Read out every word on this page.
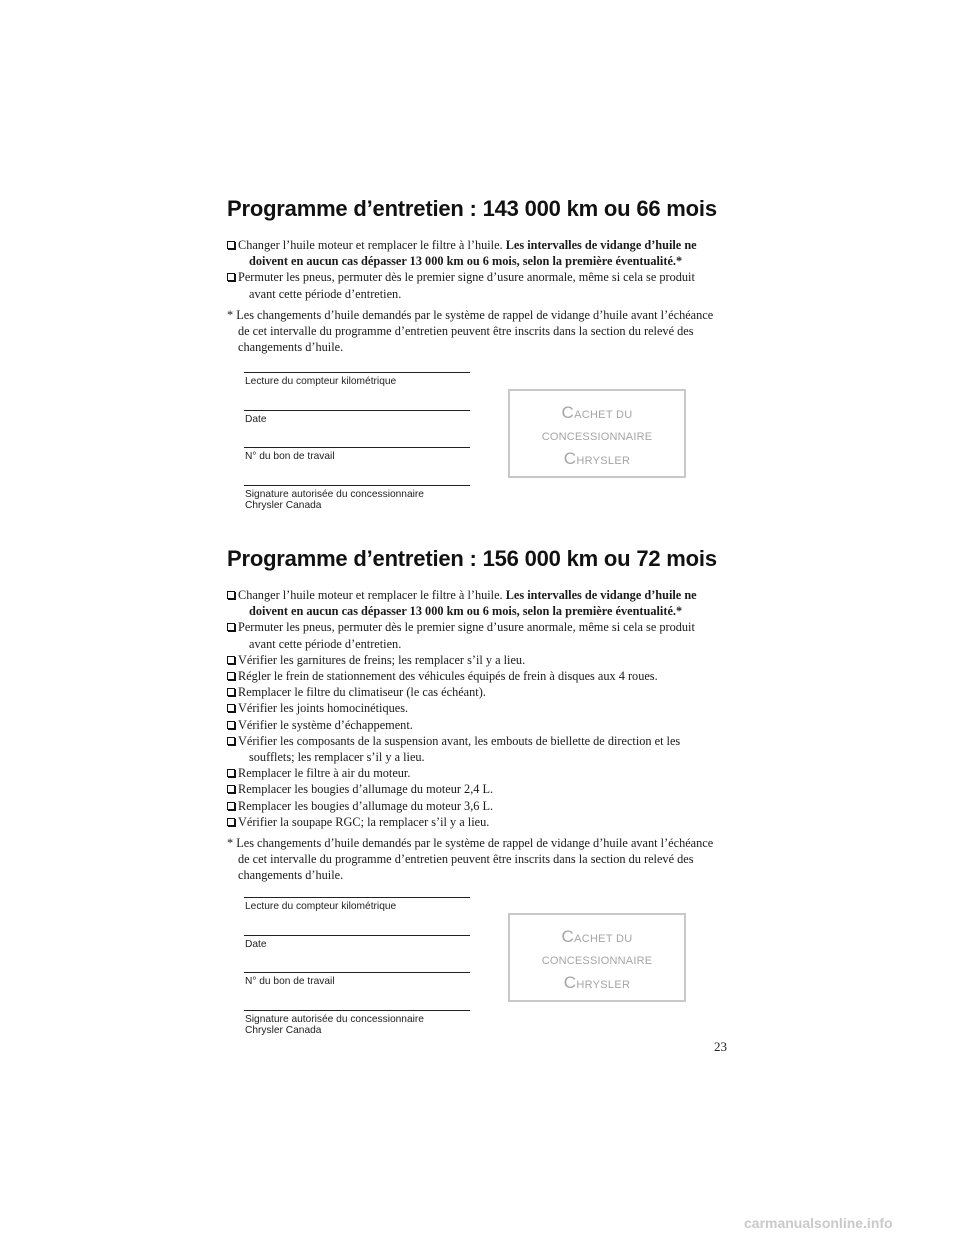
Programme d’entretien : 143 000 km ou 66 mois
Changer l’huile moteur et remplacer le filtre à l’huile. Les intervalles de vidange d’huile ne
doivent en aucun cas dépasser 13 000 km ou 6 mois, selon la première éventualité.*
Permuter les pneus, permuter dès le premier signe d’usure anormale, même si cela se produit
avant cette période d’entretien.

* Les changements d’huile demandés par le système de rappel de vidange d’huile avant l’échéance de cet intervalle du programme d’entretien peuvent être inscrits dans la section du relevé des changements d’huile.

Lecture du compteur kilométrique
Date
N° du bon de travail
Signature autorisée du concessionnaire
Chrysler Canada
CACHET DU
CONCESSIONNAIRE
CHRYSLER
Programme d’entretien : 156 000 km ou 72 mois
Changer l’huile moteur et remplacer le filtre à l’huile. Les intervalles de vidange d’huile ne
doivent en aucun cas dépasser 13 000 km ou 6 mois, selon la première éventualité.*
Permuter les pneus, permuter dès le premier signe d’usure anormale, même si cela se produit
avant cette période d’entretien.
Vérifier les garnitures de freins; les remplacer s’il y a lieu.
Régler le frein de stationnement des véhicules équipés de frein à disques aux 4 roues.
Remplacer le filtre du climatiseur (le cas échéant).
Vérifier les joints homocinétiques.
Vérifier le système d’échappement.
Vérifier les composants de la suspension avant, les embouts de biellette de direction et les
soufflets; les remplacer s’il y a lieu.
Remplacer le filtre à air du moteur.
Remplacer les bougies d’allumage du moteur 2,4 L.
Remplacer les bougies d’allumage du moteur 3,6 L.
Vérifier la soupape RGC; la remplacer s’il y a lieu.

* Les changements d’huile demandés par le système de rappel de vidange d’huile avant l’échéance de cet intervalle du programme d’entretien peuvent être inscrits dans la section du relevé des changements d’huile.

Lecture du compteur kilométrique
Date
N° du bon de travail
Signature autorisée du concessionnaire
Chrysler Canada
CACHET DU
CONCESSIONNAIRE
CHRYSLER
23
carmanualsonline.info
